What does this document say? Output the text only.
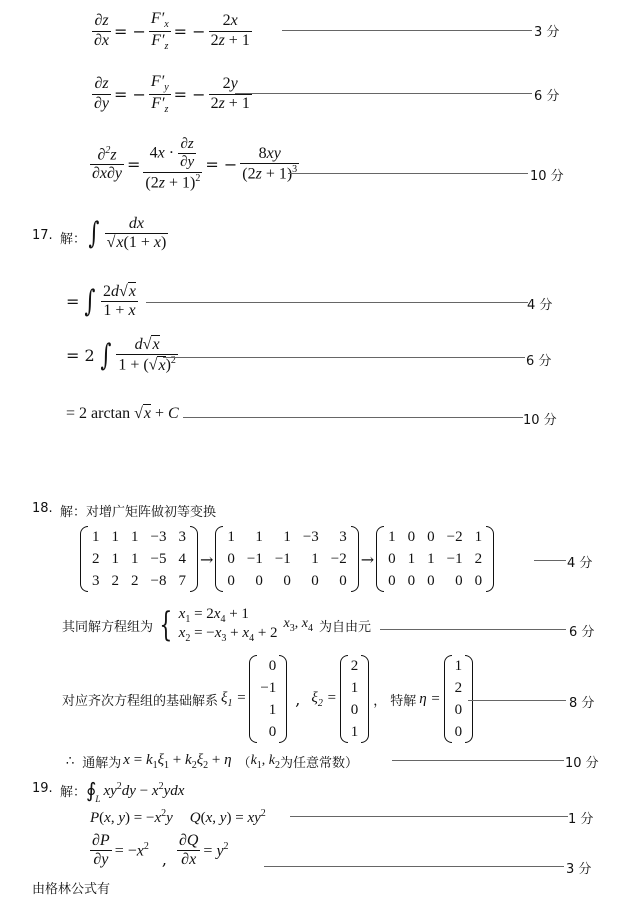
$\frac{\partial z}{\partial x}$ = − $\frac{F'_x}{F'_z}$ = − $\frac{2x}{2z + 1}$	3 分
$\frac{\partial z}{\partial y}$ = − $\frac{F'_y}{F'_z}$ = − $\frac{2y}{2z + 1}$	6 分
$\frac{\partial^2z}{\partial x\partial y} = \frac{4x \cdot \frac{\partial z}{\partial y}}{(2z + 1)^2}$ = − $\frac{8xy}{(2z + 1)^3}$	10 分
17. 解： ∫ $\frac{dx}{√x(1 + x)}$
= ∫ $\frac{2d√x}{1 + x}$	4 分
= 2 ∫ $\frac{d√x}{1 + (√x)^2}$	6 分
= 2 arctan √x + C	10 分
18. 解：对增广矩阵做初等变换
1	1	1	−3	3
2	1	1	−5	4
3	2	2	−8	7
→
1	1	1	−3	3
0	−1	−1	1	−2
0	0	0	0	0
→
1	0	0	−2	1
0	1	1	−1	2
0	0	0	0	0
4 分
其同解方程组为 { $x_1 = 2x_4 + 1$
$x_2 = -x_3 + x_4 + 2$
$x_3$, $x_4$ 为自由元	6 分
对应齐次方程组的基础解系 $\xi_1$ =
0
−1
1
0
, $\xi_2$ =
2
1
0
1
， 特解 η =
1
2
0
0
8 分
∴ 通解为 $x = k_1\xi_1 + k_2\xi_2 + \eta$ （ $k_1$, $k_2$ 为任意常数）	10 分
19. 解： ∮ L
$xy^2dy - x^2ydx$
P(x, $y) = -x^2y$ Q(x, $y) = xy^2$	1 分
$\frac{\partial P}{\partial y} = -x^2$
, $\frac{\partial Q}{\partial x} = y^2$
3 分
由格林公式有
